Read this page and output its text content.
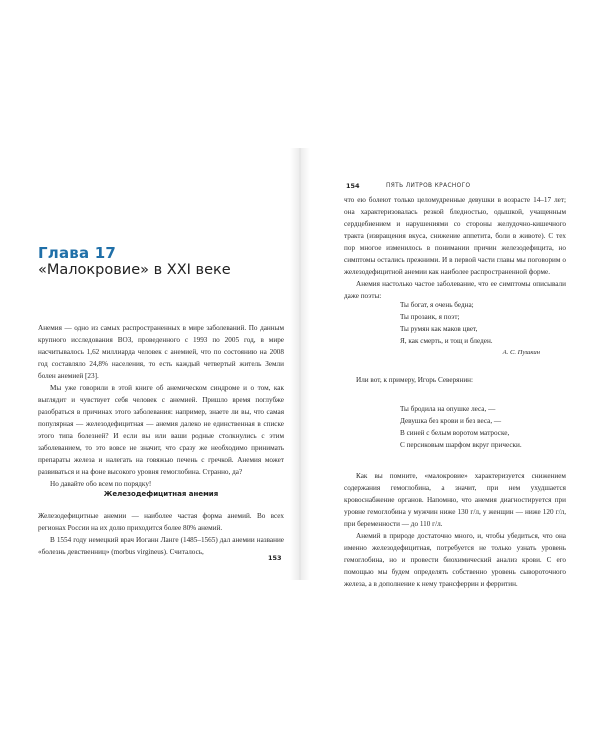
Глава 17
«Малокровие» в XXI веке

Анемия — одно из самых распространенных в мире заболеваний. По данным крупного исследования ВОЗ, проведенного с 1993 по 2005 год, в мире насчитывалось 1,62 миллиарда человек с анемией, что по состоянию на 2008 год составляло 24,8% населения, то есть каждый четвертый житель Земли болен анемией [23].

Мы уже говорили в этой книге об анемическом синдроме и о том, как выглядит и чувствует себя человек с анемией. Пришло время поглубже разобраться в причинах этого заболевания: например, знаете ли вы, что самая популярная — железодефицитная — анемия далеко не единственная в списке этого типа болезней? И если вы или ваши родные столкнулись с этим заболеванием, то это вовсе не значит, что сразу же необходимо принимать препараты железа и налегать на говяжью печень с гречкой. Анемия может развиваться и на фоне высокого уровня гемоглобина. Странно, да?

Но давайте обо всем по порядку!

Железодефицитная анемия

Железодефицитные анемии — наиболее частая форма анемий. Во всех регионах России на их долю приходится более 80% анемий.

В 1554 году немецкий врач Иоганн Ланге (1485–1565) дал анемии название «болезнь девственниц» (morbus virgineus). Считалось,

153
154	ПЯТЬ ЛИТРОВ КРАСНОГО

что ею болеют только целомудренные девушки в возрасте 14–17 лет; она характеризовалась резкой бледностью, одышкой, учащенным сердцебиением и нарушениями со стороны желудочно-кишечного тракта (извращения вкуса, снижение аппетита, боли в животе). С тех пор многое изменилось в понимании причин железодефицита, но симптомы остались прежними. И в первой части главы мы поговорим о железодефицитной анемии как наиболее распространенной форме.

Анемия настолько частое заболевание, что ее симптомы описывали даже поэты:

Ты богат, я очень бедна;
Ты прозаик, я поэт;
Ты румян как маков цвет,
Я, как смерть, и тощ и бледен.
А. С. Пушкин

Или вот, к примеру, Игорь Северянин:

Ты бродила на опушке леса, —
Девушка без крови и без веса, —
В синей с белым воротом матроске,
С персиковым шарфом вкруг прически.

Как вы помните, «малокровие» характеризуется снижением содержания гемоглобина, а значит, при нем ухудшается кровоснабжение органов. Напомню, что анемия диагностируется при уровне гемоглобина у мужчин ниже 130 г/л, у женщин — ниже 120 г/л, при беременности — до 110 г/л.

Анемий в природе достаточно много, и, чтобы убедиться, что она именно железодефицитная, потребуется не только узнать уровень гемоглобина, но и провести биохимический анализ крови. С его помощью мы будем определять собственно уровень сывороточного железа, а в дополнение к нему трансферрин и ферритин.
